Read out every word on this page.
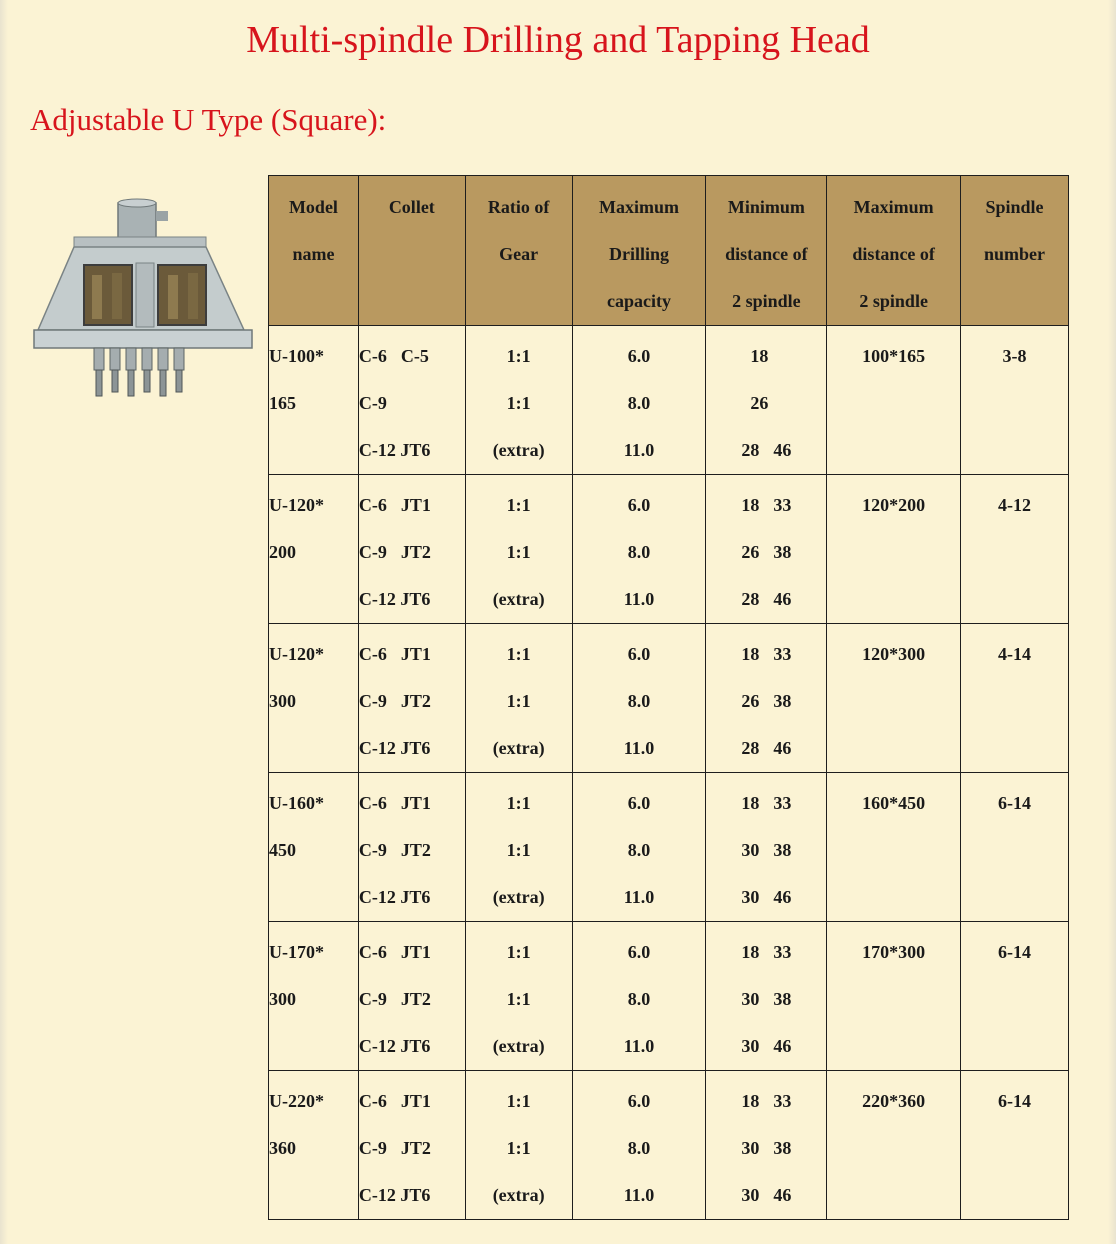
Multi-spindle Drilling and Tapping Head
Adjustable U Type (Square):
Model
name	Collet	Ratio of
Gear	Maximum
Drilling
capacity	Minimum
distance of
2 spindle	Maximum
distance of
2 spindle	Spindle
number

U-100*
165	C-6 C-5
C-9
C-12 JT6	1:1
1:1
(extra)	6.0
8.0
11.0	18
26
28 46	100*165	3-8

U-120*
200	C-6 JT1
C-9 JT2
C-12 JT6	1:1
1:1
(extra)	6.0
8.0
11.0	18 33
26 38
28 46	120*200	4-12

U-120*
300	C-6 JT1
C-9 JT2
C-12 JT6	1:1
1:1
(extra)	6.0
8.0
11.0	18 33
26 38
28 46	120*300	4-14

U-160*
450	C-6 JT1
C-9 JT2
C-12 JT6	1:1
1:1
(extra)	6.0
8.0
11.0	18 33
30 38
30 46	160*450	6-14

U-170*
300	C-6 JT1
C-9 JT2
C-12 JT6	1:1
1:1
(extra)	6.0
8.0
11.0	18 33
30 38
30 46	170*300	6-14

U-220*
360	C-6 JT1
C-9 JT2
C-12 JT6	1:1
1:1
(extra)	6.0
8.0
11.0	18 33
30 38
30 46	220*360	6-14
